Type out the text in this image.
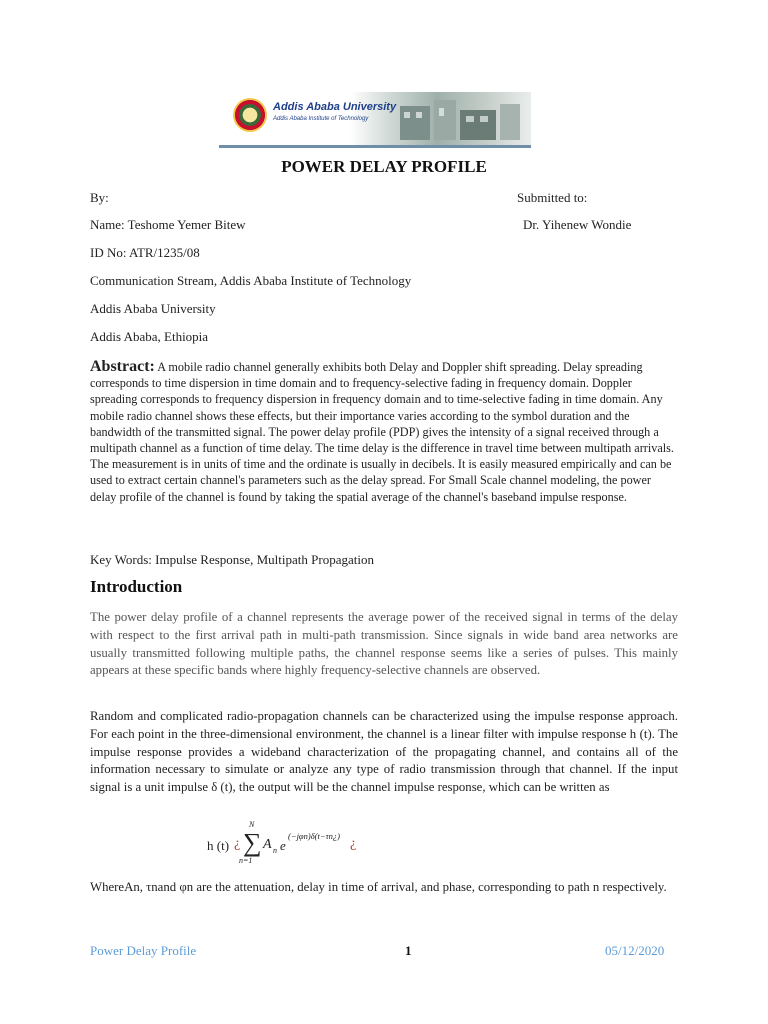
Addis Ababa University
Addis Ababa Institute of Technology
POWER DELAY PROFILE
By:	Submitted to:
Name: Teshome Yemer Bitew	Dr. Yihenew Wondie
ID No: ATR/1235/08
Communication Stream, Addis Ababa Institute of Technology
Addis Ababa University
Addis Ababa, Ethiopia
Abstract: A mobile radio channel generally exhibits both Delay and Doppler shift spreading. Delay spreading corresponds to time dispersion in time domain and to frequency-selective fading in frequency domain. Doppler spreading corresponds to frequency dispersion in frequency domain and to time-selective fading in time domain. Any mobile radio channel shows these effects, but their importance varies according to the symbol duration and the bandwidth of the transmitted signal. The power delay profile (PDP) gives the intensity of a signal received through a multipath channel as a function of time delay. The time delay is the difference in travel time between multipath arrivals. The measurement is in units of time and the ordinate is usually in decibels. It is easily measured empirically and can be used to extract certain channel's parameters such as the delay spread. For Small Scale channel modeling, the power delay profile of the channel is found by taking the spatial average of the channel's baseband impulse response.
Key Words: Impulse Response, Multipath Propagation
Introduction
The power delay profile of a channel represents the average power of the received signal in terms of the delay with respect to the first arrival path in multi-path transmission. Since signals in wide band area networks are usually transmitted following multiple paths, the channel response seems like a series of pulses. This mainly appears at these specific bands where highly frequency-selective channels are observed.
Random and complicated radio-propagation channels can be characterized using the impulse response approach. For each point in the three-dimensional environment, the channel is a linear filter with impulse response h (t). The impulse response provides a wideband characterization of the propagating channel, and contains all of the information necessary to simulate or analyze any type of radio transmission through that channel. If the input signal is a unit impulse δ (t), the output will be the channel impulse response, which can be written as
h (t) ¿
N
∑
n=1
A n e
(−jφn)δ(t−τn¿) ¿
WhereAn, τnand φn are the attenuation, delay in time of arrival, and phase, corresponding to path n respectively.
Power Delay Profile	1	05/12/2020
